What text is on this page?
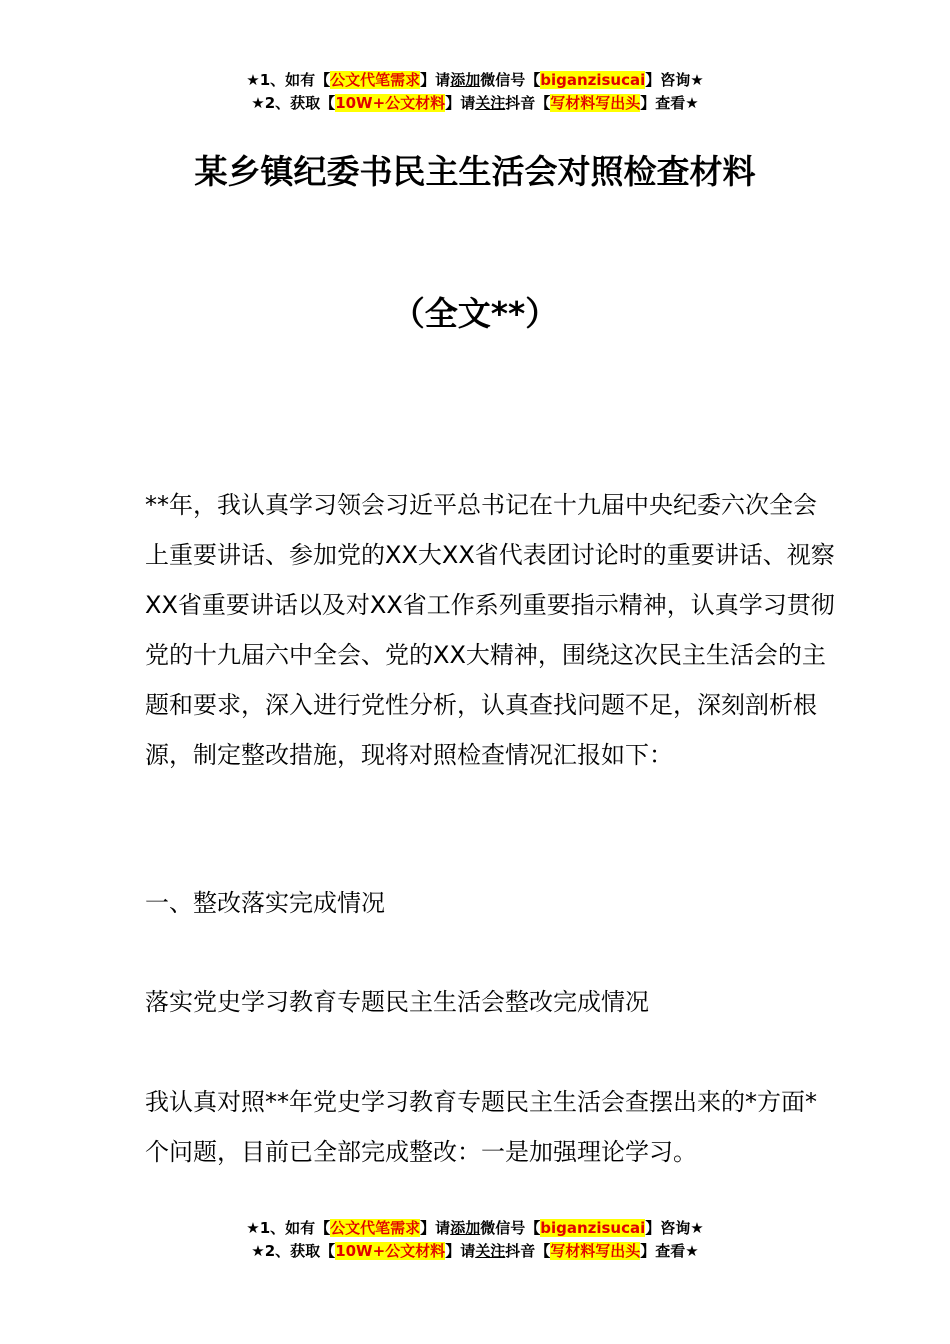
★1、如有【公文代笔需求】请添加微信号【biganzisucai】咨询★
★2、获取【10W+公文材料】请关注抖音【写材料写出头】查看★
某乡镇纪委书民主生活会对照检查材料
（全文**）

**年，我认真学习领会习近平总书记在十九届中央纪委六次全会上重要讲话、参加党的XX大XX省代表团讨论时的重要讲话、视察XX省重要讲话以及对XX省工作系列重要指示精神，认真学习贯彻党的十九届六中全会、党的XX大精神，围绕这次民主生活会的主题和要求，深入进行党性分析，认真查找问题不足，深刻剖析根源，制定整改措施，现将对照检查情况汇报如下：

一、整改落实完成情况

落实党史学习教育专题民主生活会整改完成情况

我认真对照**年党史学习教育专题民主生活会查摆出来的*方面*个问题，目前已全部完成整改：一是加强理论学习。

★1、如有【公文代笔需求】请添加微信号【biganzisucai】咨询★
★2、获取【10W+公文材料】请关注抖音【写材料写出头】查看★
